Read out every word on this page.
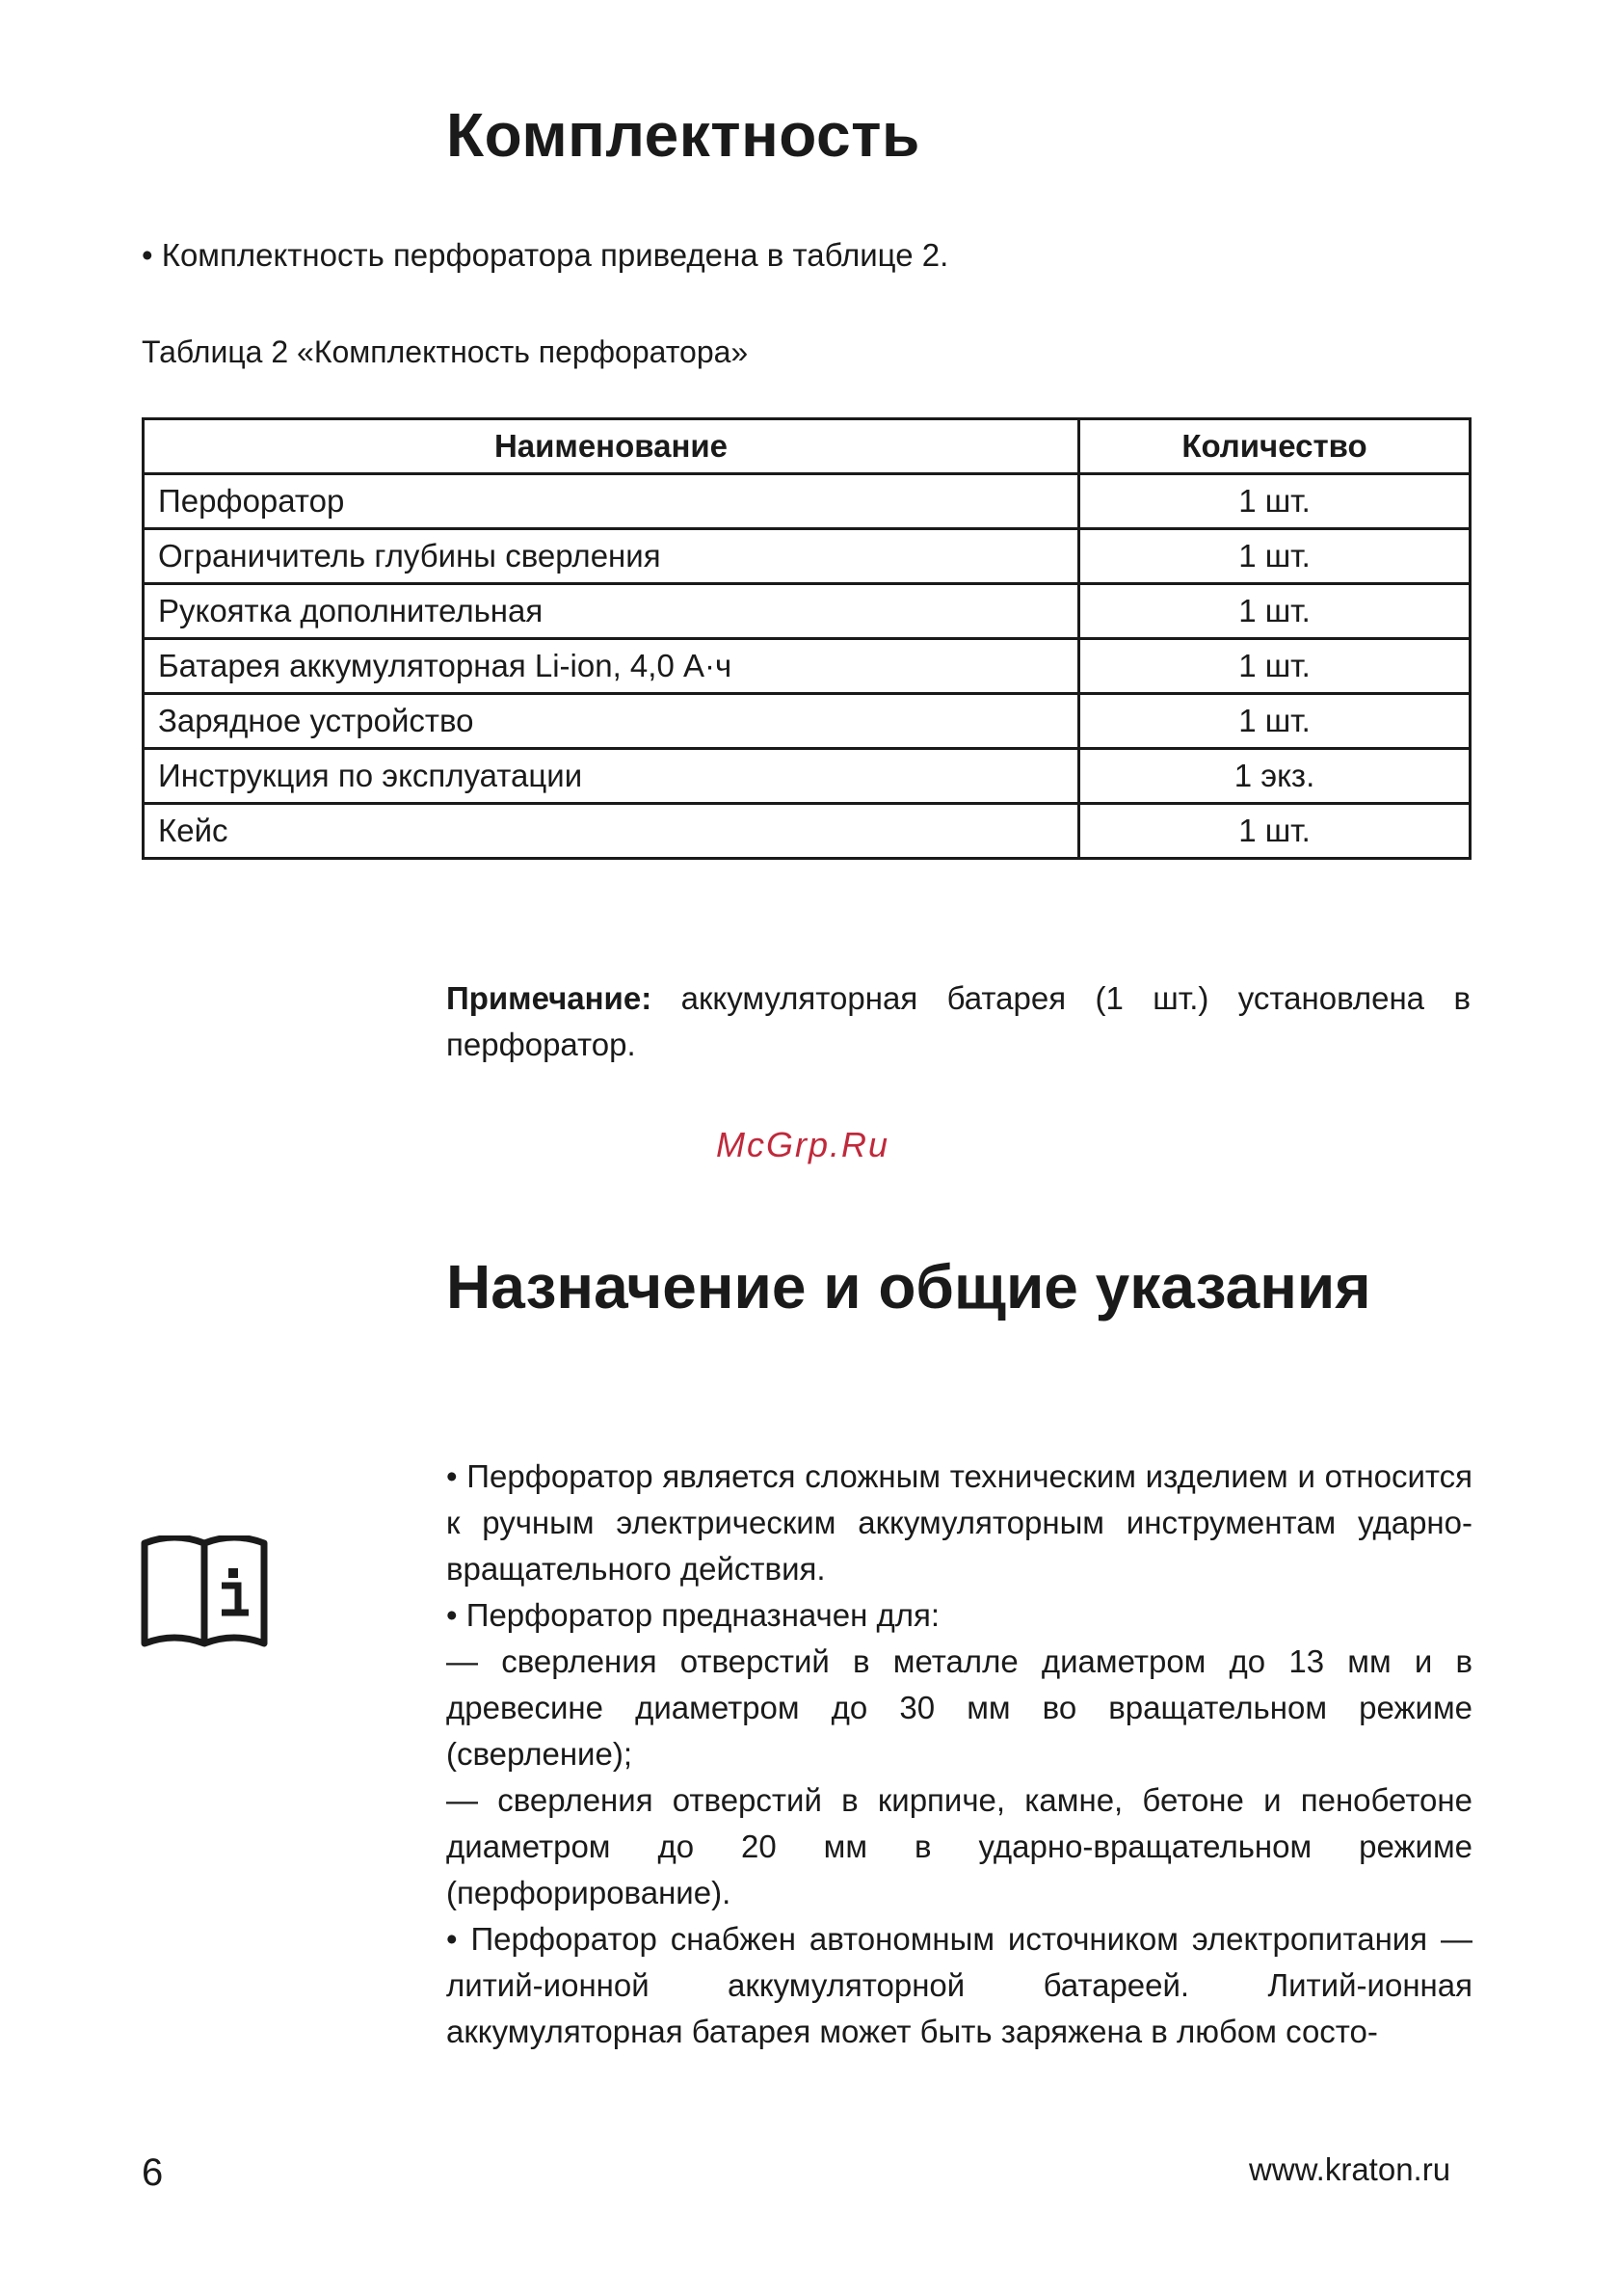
Комплектность
• Комплектность перфоратора приведена в таблице 2.
Таблица 2 «Комплектность перфоратора»
Наименование	Количество
Перфоратор	1 шт.
Ограничитель глубины сверления	1 шт.
Рукоятка дополнительная	1 шт.
Батарея аккумуляторная Li-ion, 4,0 А·ч	1 шт.
Зарядное устройство	1 шт.
Инструкция по эксплуатации	1 экз.
Кейс	1 шт.
Примечание: аккумуляторная батарея (1 шт.) установлена в перфоратор.
McGrp.Ru
Назначение и общие указания

• Перфоратор является сложным техническим изделием и относится к ручным электрическим аккумуляторным инструментам ударно-вращательного действия.

• Перфоратор предназначен для:

— сверления отверстий в металле диаметром до 13 мм и в древесине диаметром до 30 мм во вращательном режиме (сверление);

— сверления отверстий в кирпиче, камне, бетоне и пенобетоне диаметром до 20 мм в ударно-вращательном режиме (перфорирование).

• Перфоратор снабжен автономным источником электропитания — литий-ионной аккумуляторной батареей. Литий-ионная аккумуляторная батарея может быть заряжена в любом состо-

6	www.kraton.ru
